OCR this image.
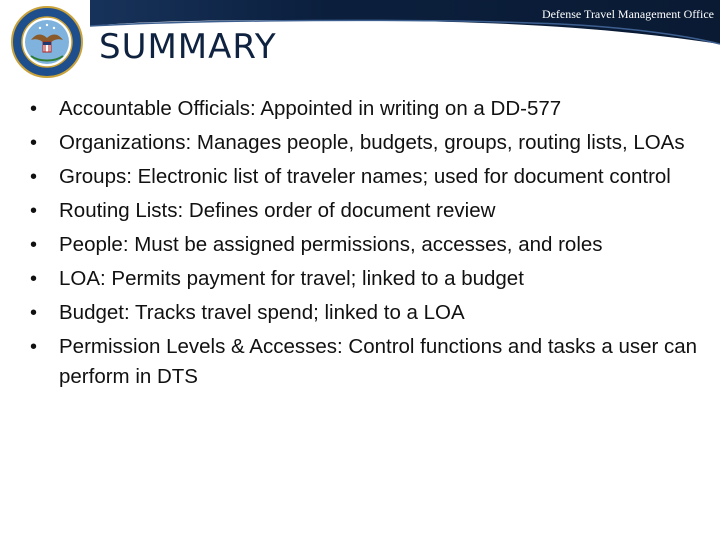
Defense Travel Management Office
SUMMARY
• Accountable Officials: Appointed in writing on a DD-577
• Organizations: Manages people, budgets, groups, routing lists, LOAs
• Groups: Electronic list of traveler names; used for document control
• Routing Lists: Defines order of document review
• People: Must be assigned permissions, accesses, and roles
• LOA: Permits payment for travel; linked to a budget
• Budget: Tracks travel spend; linked to a LOA
• Permission Levels & Accesses: Control functions and tasks a user can perform in DTS
